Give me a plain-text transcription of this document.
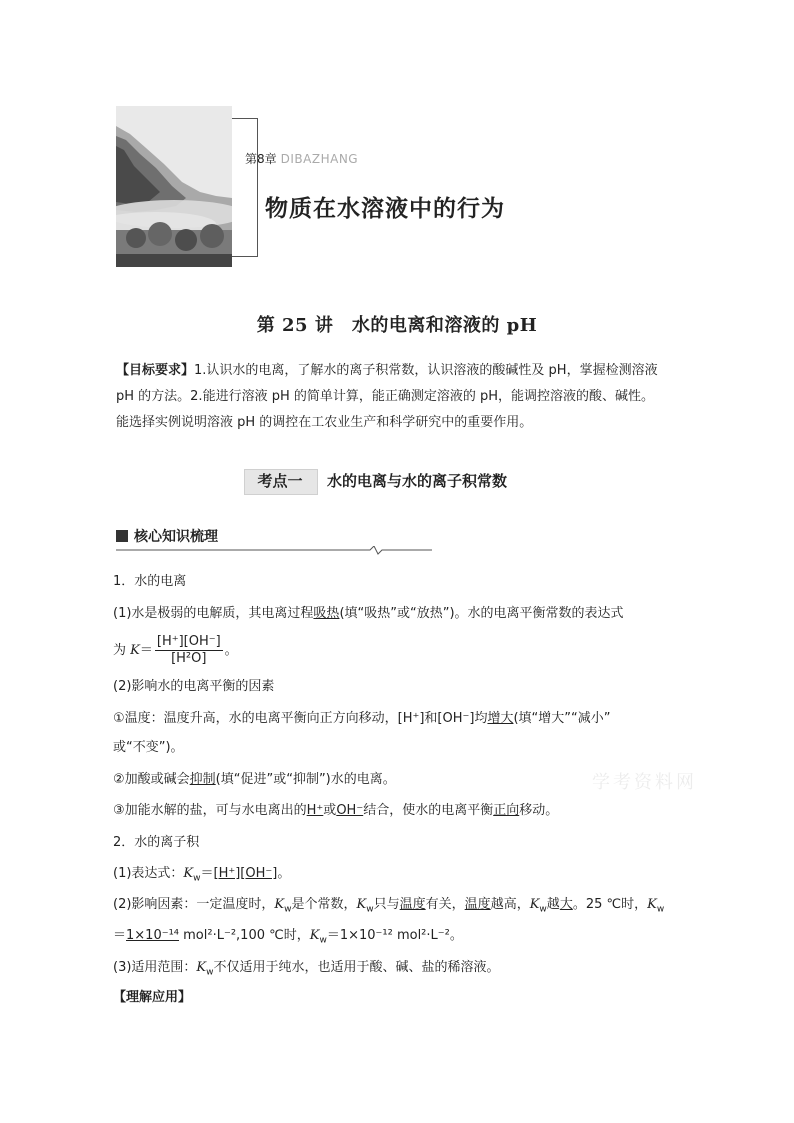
第8章 DIBAZHANG
物质在水溶液中的行为
第 25 讲　水的电离和溶液的 pH
【目标要求】1.认识水的电离，了解水的离子积常数，认识溶液的酸碱性及 pH，掌握检测溶液
pH 的方法。2.能进行溶液 pH 的简单计算，能正确测定溶液的 pH，能调控溶液的酸、碱性。
能选择实例说明溶液 pH 的调控在工农业生产和科学研究中的重要作用。
考点一	水的电离与水的离子积常数
核心知识梳理
1．水的电离
(1)水是极弱的电解质，其电离过程吸热(填“吸热”或“放热”)。水的电离平衡常数的表达式
为 $K= \frac{[H^+][OH^-]}{\text{[H²O]}}$ 。
(2)影响水的电离平衡的因素
①温度：温度升高，水的电离平衡向正方向移动，[H⁺]和[OH⁻]均增大(填“增大”“减小”
或“不变”)。
②加酸或碱会抑制(填“促进”或“抑制”)水的电离。
③加能水解的盐，可与水电离出的H⁺或OH⁻结合，使水的电离平衡正向移动。
2．水的离子积
(1)表达式：$K_w=[H^+][OH^-]$。
(2)影响因素：一定温度时，$K_w$是个常数，$K_w$只与温度有关，温度越高，$K_w$越大。25 ℃时，$K_w$
＝1×10⁻¹⁴ mol²·L⁻²,100 ℃时，$K_w=1\times 10^{-12}$ mol²·L⁻²。
(3)适用范围：$K_w$不仅适用于纯水，也适用于酸、碱、盐的稀溶液。
【理解应用】
学考资料网
